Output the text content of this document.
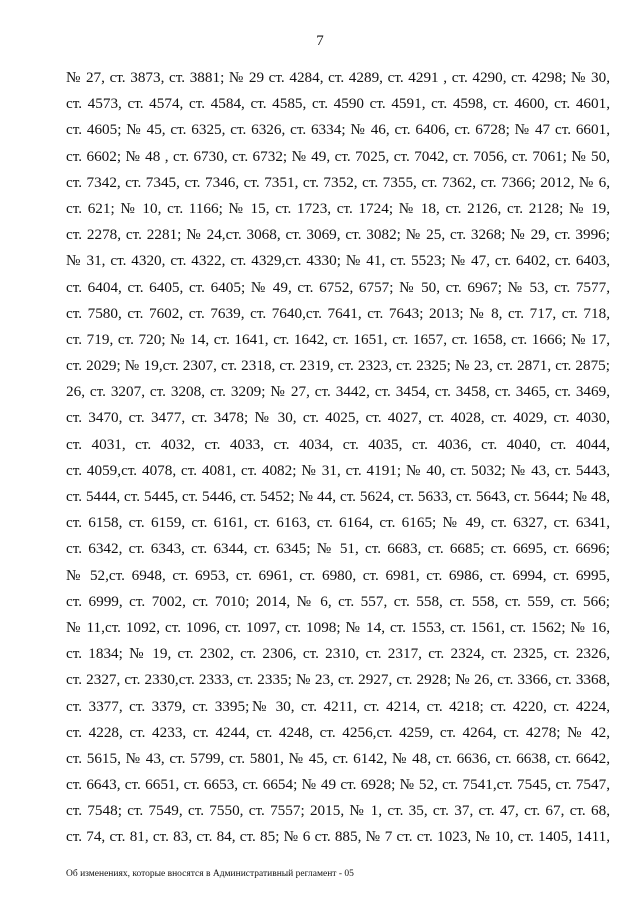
7
№ 27, ст. 3873, ст. 3881; № 29 ст. 4284, ст. 4289, ст. 4291 , ст. 4290, ст. 4298; № 30,
ст. 4573, ст. 4574, ст. 4584, ст. 4585, ст. 4590 ст. 4591, ст. 4598, ст. 4600, ст. 4601,
ст. 4605; № 45, ст. 6325, ст. 6326, ст. 6334; № 46, ст. 6406, ст. 6728; № 47 ст. 6601,
ст. 6602; № 48 , ст. 6730, ст. 6732; № 49, ст. 7025, ст. 7042, ст. 7056, ст. 7061; № 50,
ст. 7342, ст. 7345, ст. 7346, ст. 7351, ст. 7352, ст. 7355, ст. 7362, ст. 7366; 2012, № 6,
ст. 621; № 10, ст. 1166; № 15, ст. 1723, ст. 1724; № 18, ст. 2126, ст. 2128; № 19,
ст. 2278, ст. 2281; № 24,ст. 3068, ст. 3069, ст. 3082; № 25, ст. 3268; № 29, ст. 3996;
№ 31, ст. 4320, ст. 4322, ст. 4329,ст. 4330; № 41, ст. 5523; № 47, ст. 6402, ст. 6403,
ст. 6404, ст. 6405, ст. 6405; № 49, ст. 6752, 6757; № 50, ст. 6967; № 53, ст. 7577,
ст. 7580, ст. 7602, ст. 7639, ст. 7640,ст. 7641, ст. 7643; 2013; № 8, ст. 717, ст. 718,
ст. 719, ст. 720; № 14, ст. 1641, ст. 1642, ст. 1651, ст. 1657, ст. 1658, ст. 1666; № 17,
ст. 2029; № 19,ст. 2307, ст. 2318, ст. 2319, ст. 2323, ст. 2325; № 23, ст. 2871, ст. 2875;
26, ст. 3207, ст. 3208, ст. 3209; № 27, ст. 3442, ст. 3454, ст. 3458, ст. 3465, ст. 3469,
ст. 3470, ст. 3477, ст. 3478; № 30, ст. 4025, ст. 4027, ст. 4028, ст. 4029, ст. 4030,
ст. 4031, ст. 4032, ст. 4033, ст. 4034, ст. 4035, ст. 4036, ст. 4040, ст. 4044,
ст. 4059,ст. 4078, ст. 4081, ст. 4082; № 31, ст. 4191; № 40, ст. 5032; № 43, ст. 5443,
ст. 5444, ст. 5445, ст. 5446, ст. 5452; № 44, ст. 5624, ст. 5633, ст. 5643, ст. 5644; № 48,
ст. 6158, ст. 6159, ст. 6161, ст. 6163, ст. 6164, ст. 6165; № 49, ст. 6327, ст. 6341,
ст. 6342, ст. 6343, ст. 6344, ст. 6345; № 51, ст. 6683, ст. 6685; ст. 6695, ст. 6696;
№ 52,ст. 6948, ст. 6953, ст. 6961, ст. 6980, ст. 6981, ст. 6986, ст. 6994, ст. 6995,
ст. 6999, ст. 7002, ст. 7010; 2014, № 6, ст. 557, ст. 558, ст. 558, ст. 559, ст. 566;
№ 11,ст. 1092, ст. 1096, ст. 1097, ст. 1098; № 14, ст. 1553, ст. 1561, ст. 1562; № 16,
ст. 1834; № 19, ст. 2302, ст. 2306, ст. 2310, ст. 2317, ст. 2324, ст. 2325, ст. 2326,
ст. 2327, ст. 2330,ст. 2333, ст. 2335; № 23, ст. 2927, ст. 2928; № 26, ст. 3366, ст. 3368,
ст. 3377, ст. 3379, ст. 3395;№ 30, ст. 4211, ст. 4214, ст. 4218; ст. 4220, ст. 4224,
ст. 4228, ст. 4233, ст. 4244, ст. 4248, ст. 4256,ст. 4259, ст. 4264, ст. 4278; № 42,
ст. 5615, № 43, ст. 5799, ст. 5801, № 45, ст. 6142, № 48, ст. 6636, ст. 6638, ст. 6642,
ст. 6643, ст. 6651, ст. 6653, ст. 6654; № 49 ст. 6928; № 52, ст. 7541,ст. 7545, ст. 7547,
ст. 7548; ст. 7549, ст. 7550, ст. 7557; 2015, № 1, ст. 35, ст. 37, ст. 47, ст. 67, ст. 68,
ст. 74, ст. 81, ст. 83, ст. 84, ст. 85; № 6 ст. 885, № 7 ст. ст. 1023, № 10, ст. 1405, 1411,
Об изменениях, которые вносятся в Административный регламент - 05
